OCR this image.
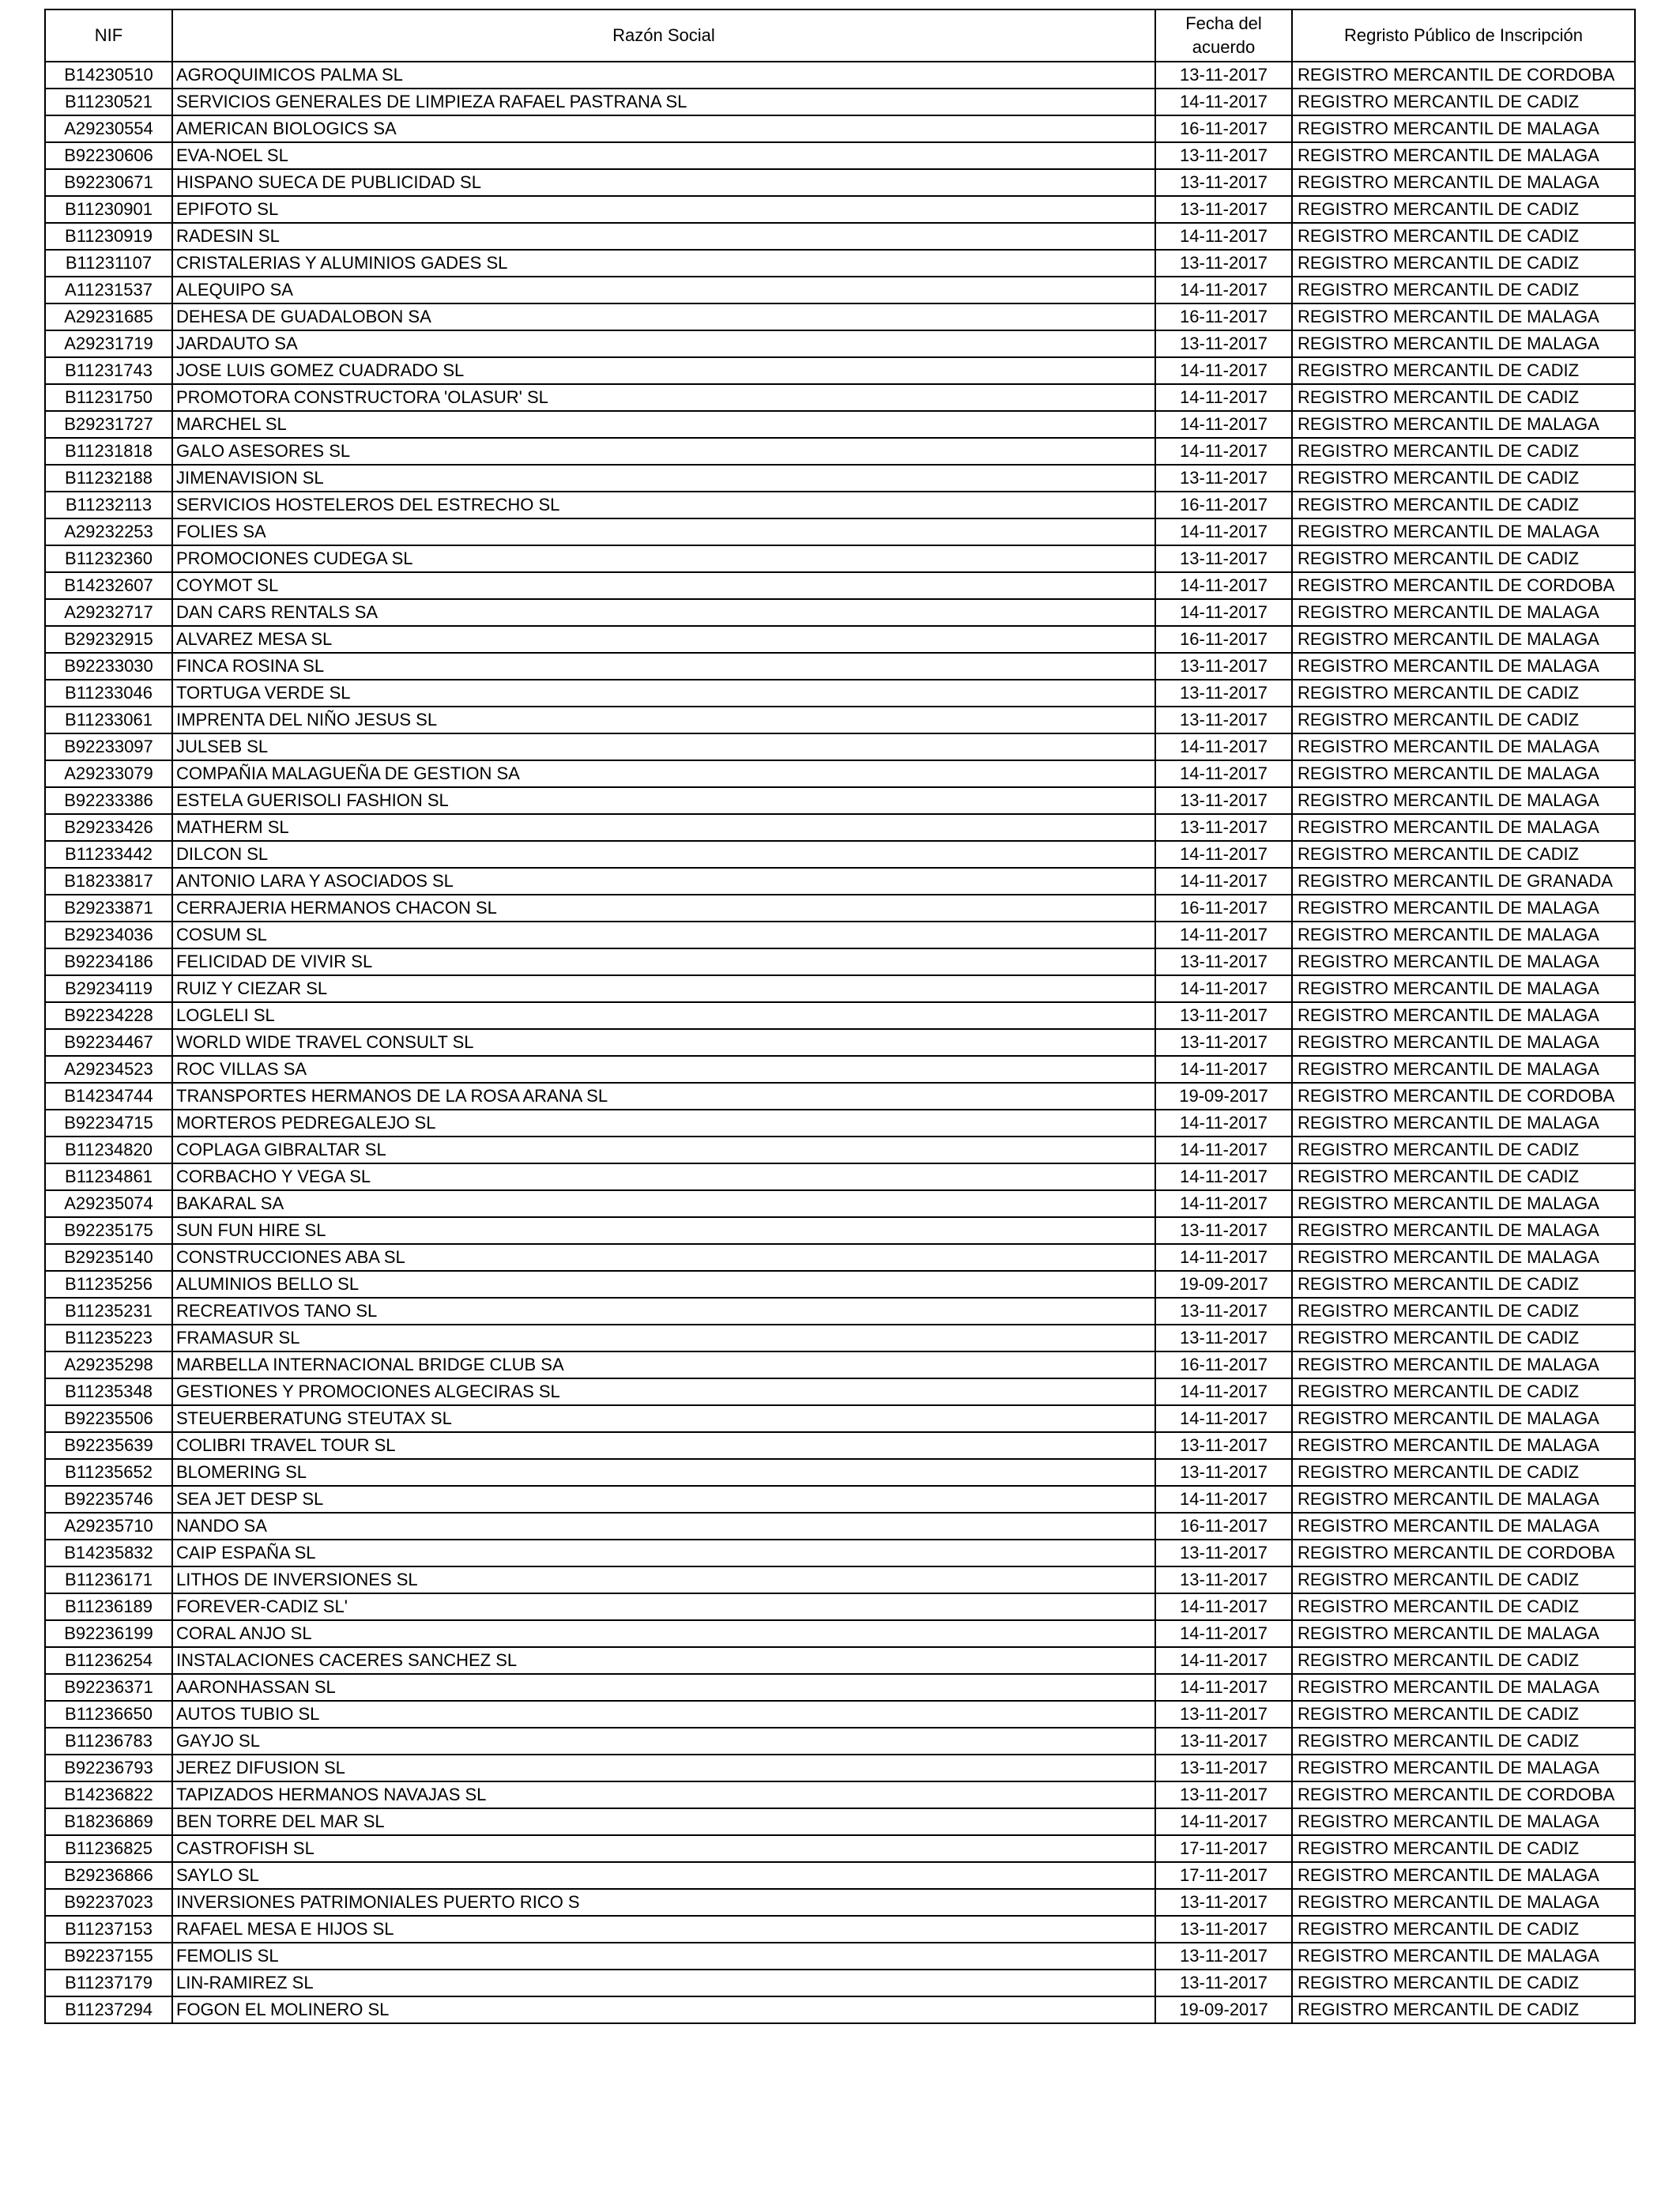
NIF	Razón Social	Fecha del acuerdo	Regristo Público de Inscripción
B14230510	AGROQUIMICOS PALMA SL	13-11-2017	REGISTRO MERCANTIL DE CORDOBA
B11230521	SERVICIOS GENERALES DE LIMPIEZA RAFAEL PASTRANA SL	14-11-2017	REGISTRO MERCANTIL DE CADIZ
A29230554	AMERICAN BIOLOGICS SA	16-11-2017	REGISTRO MERCANTIL DE MALAGA
B92230606	EVA-NOEL SL	13-11-2017	REGISTRO MERCANTIL DE MALAGA
B92230671	HISPANO SUECA DE PUBLICIDAD SL	13-11-2017	REGISTRO MERCANTIL DE MALAGA
B11230901	EPIFOTO SL	13-11-2017	REGISTRO MERCANTIL DE CADIZ
B11230919	RADESIN SL	14-11-2017	REGISTRO MERCANTIL DE CADIZ
B11231107	CRISTALERIAS Y ALUMINIOS GADES SL	13-11-2017	REGISTRO MERCANTIL DE CADIZ
A11231537	ALEQUIPO SA	14-11-2017	REGISTRO MERCANTIL DE CADIZ
A29231685	DEHESA DE GUADALOBON SA	16-11-2017	REGISTRO MERCANTIL DE MALAGA
A29231719	JARDAUTO SA	13-11-2017	REGISTRO MERCANTIL DE MALAGA
B11231743	JOSE LUIS GOMEZ CUADRADO SL	14-11-2017	REGISTRO MERCANTIL DE CADIZ
B11231750	PROMOTORA CONSTRUCTORA 'OLASUR' SL	14-11-2017	REGISTRO MERCANTIL DE CADIZ
B29231727	MARCHEL SL	14-11-2017	REGISTRO MERCANTIL DE MALAGA
B11231818	GALO ASESORES SL	14-11-2017	REGISTRO MERCANTIL DE CADIZ
B11232188	JIMENAVISION SL	13-11-2017	REGISTRO MERCANTIL DE CADIZ
B11232113	SERVICIOS HOSTELEROS DEL ESTRECHO SL	16-11-2017	REGISTRO MERCANTIL DE CADIZ
A29232253	FOLIES SA	14-11-2017	REGISTRO MERCANTIL DE MALAGA
B11232360	PROMOCIONES CUDEGA SL	13-11-2017	REGISTRO MERCANTIL DE CADIZ
B14232607	COYMOT SL	14-11-2017	REGISTRO MERCANTIL DE CORDOBA
A29232717	DAN CARS RENTALS SA	14-11-2017	REGISTRO MERCANTIL DE MALAGA
B29232915	ALVAREZ MESA SL	16-11-2017	REGISTRO MERCANTIL DE MALAGA
B92233030	FINCA ROSINA SL	13-11-2017	REGISTRO MERCANTIL DE MALAGA
B11233046	TORTUGA VERDE SL	13-11-2017	REGISTRO MERCANTIL DE CADIZ
B11233061	IMPRENTA DEL NIÑO JESUS SL	13-11-2017	REGISTRO MERCANTIL DE CADIZ
B92233097	JULSEB SL	14-11-2017	REGISTRO MERCANTIL DE MALAGA
A29233079	COMPAÑIA MALAGUEÑA DE GESTION SA	14-11-2017	REGISTRO MERCANTIL DE MALAGA
B92233386	ESTELA GUERISOLI FASHION SL	13-11-2017	REGISTRO MERCANTIL DE MALAGA
B29233426	MATHERM SL	13-11-2017	REGISTRO MERCANTIL DE MALAGA
B11233442	DILCON SL	14-11-2017	REGISTRO MERCANTIL DE CADIZ
B18233817	ANTONIO LARA Y ASOCIADOS SL	14-11-2017	REGISTRO MERCANTIL DE GRANADA
B29233871	CERRAJERIA HERMANOS CHACON SL	16-11-2017	REGISTRO MERCANTIL DE MALAGA
B29234036	COSUM SL	14-11-2017	REGISTRO MERCANTIL DE MALAGA
B92234186	FELICIDAD DE VIVIR SL	13-11-2017	REGISTRO MERCANTIL DE MALAGA
B29234119	RUIZ Y CIEZAR SL	14-11-2017	REGISTRO MERCANTIL DE MALAGA
B92234228	LOGLELI SL	13-11-2017	REGISTRO MERCANTIL DE MALAGA
B92234467	WORLD WIDE TRAVEL CONSULT SL	13-11-2017	REGISTRO MERCANTIL DE MALAGA
A29234523	ROC VILLAS SA	14-11-2017	REGISTRO MERCANTIL DE MALAGA
B14234744	TRANSPORTES HERMANOS DE LA ROSA ARANA SL	19-09-2017	REGISTRO MERCANTIL DE CORDOBA
B92234715	MORTEROS PEDREGALEJO SL	14-11-2017	REGISTRO MERCANTIL DE MALAGA
B11234820	COPLAGA GIBRALTAR SL	14-11-2017	REGISTRO MERCANTIL DE CADIZ
B11234861	CORBACHO Y VEGA SL	14-11-2017	REGISTRO MERCANTIL DE CADIZ
A29235074	BAKARAL SA	14-11-2017	REGISTRO MERCANTIL DE MALAGA
B92235175	SUN FUN HIRE SL	13-11-2017	REGISTRO MERCANTIL DE MALAGA
B29235140	CONSTRUCCIONES ABA SL	14-11-2017	REGISTRO MERCANTIL DE MALAGA
B11235256	ALUMINIOS BELLO SL	19-09-2017	REGISTRO MERCANTIL DE CADIZ
B11235231	RECREATIVOS TANO SL	13-11-2017	REGISTRO MERCANTIL DE CADIZ
B11235223	FRAMASUR SL	13-11-2017	REGISTRO MERCANTIL DE CADIZ
A29235298	MARBELLA INTERNACIONAL BRIDGE CLUB SA	16-11-2017	REGISTRO MERCANTIL DE MALAGA
B11235348	GESTIONES Y PROMOCIONES ALGECIRAS SL	14-11-2017	REGISTRO MERCANTIL DE CADIZ
B92235506	STEUERBERATUNG STEUTAX SL	14-11-2017	REGISTRO MERCANTIL DE MALAGA
B92235639	COLIBRI TRAVEL TOUR SL	13-11-2017	REGISTRO MERCANTIL DE MALAGA
B11235652	BLOMERING SL	13-11-2017	REGISTRO MERCANTIL DE CADIZ
B92235746	SEA JET DESP SL	14-11-2017	REGISTRO MERCANTIL DE MALAGA
A29235710	NANDO SA	16-11-2017	REGISTRO MERCANTIL DE MALAGA
B14235832	CAIP ESPAÑA SL	13-11-2017	REGISTRO MERCANTIL DE CORDOBA
B11236171	LITHOS DE INVERSIONES SL	13-11-2017	REGISTRO MERCANTIL DE CADIZ
B11236189	FOREVER-CADIZ SL'	14-11-2017	REGISTRO MERCANTIL DE CADIZ
B92236199	CORAL ANJO SL	14-11-2017	REGISTRO MERCANTIL DE MALAGA
B11236254	INSTALACIONES CACERES SANCHEZ SL	14-11-2017	REGISTRO MERCANTIL DE CADIZ
B92236371	AARONHASSAN SL	14-11-2017	REGISTRO MERCANTIL DE MALAGA
B11236650	AUTOS TUBIO SL	13-11-2017	REGISTRO MERCANTIL DE CADIZ
B11236783	GAYJO SL	13-11-2017	REGISTRO MERCANTIL DE CADIZ
B92236793	JEREZ DIFUSION SL	13-11-2017	REGISTRO MERCANTIL DE MALAGA
B14236822	TAPIZADOS HERMANOS NAVAJAS SL	13-11-2017	REGISTRO MERCANTIL DE CORDOBA
B18236869	BEN TORRE DEL MAR SL	14-11-2017	REGISTRO MERCANTIL DE MALAGA
B11236825	CASTROFISH SL	17-11-2017	REGISTRO MERCANTIL DE CADIZ
B29236866	SAYLO SL	17-11-2017	REGISTRO MERCANTIL DE MALAGA
B92237023	INVERSIONES PATRIMONIALES PUERTO RICO S	13-11-2017	REGISTRO MERCANTIL DE MALAGA
B11237153	RAFAEL MESA E HIJOS SL	13-11-2017	REGISTRO MERCANTIL DE CADIZ
B92237155	FEMOLIS SL	13-11-2017	REGISTRO MERCANTIL DE MALAGA
B11237179	LIN-RAMIREZ SL	13-11-2017	REGISTRO MERCANTIL DE CADIZ
B11237294	FOGON EL MOLINERO SL	19-09-2017	REGISTRO MERCANTIL DE CADIZ
